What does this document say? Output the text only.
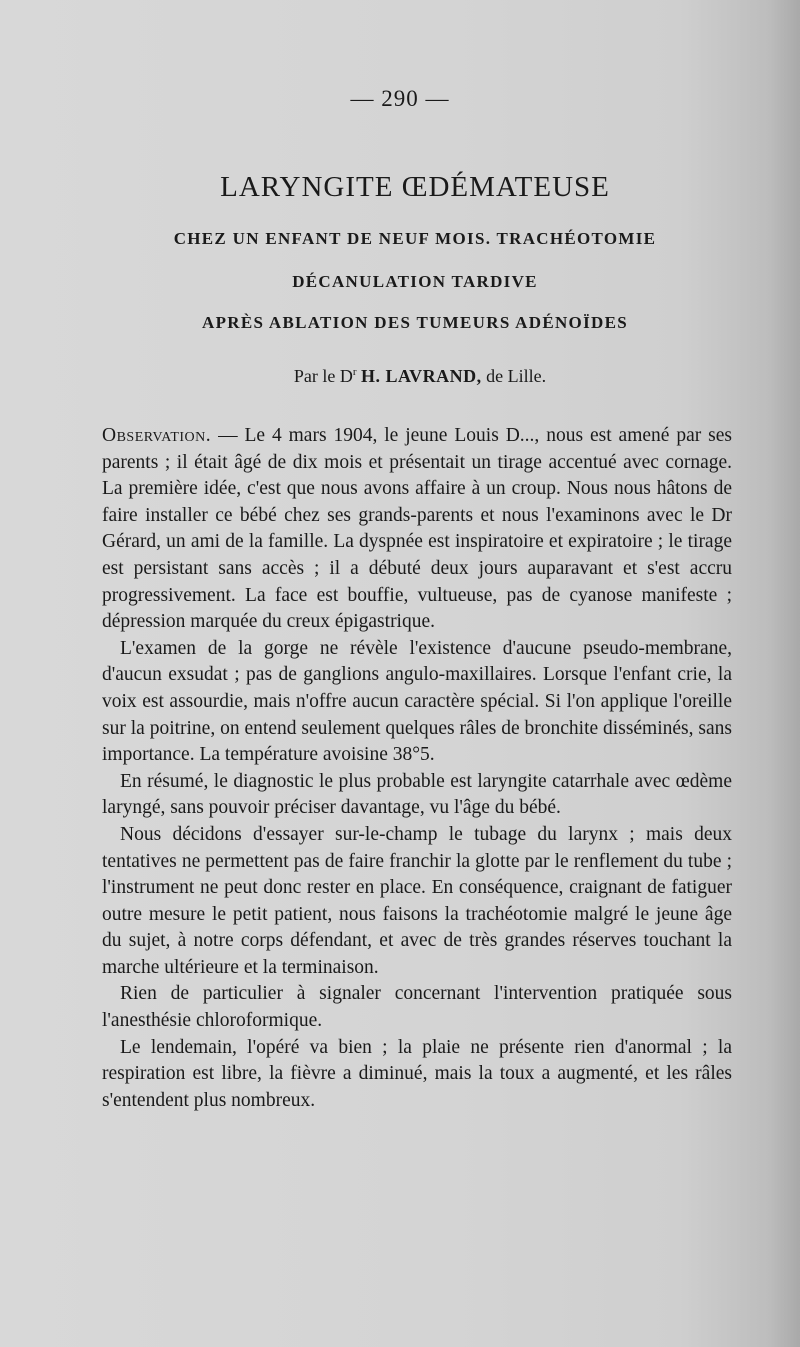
— 290 —
LARYNGITE ŒDÉMATEUSE
CHEZ UN ENFANT DE NEUF MOIS. TRACHÉOTOMIE
DÉCANULATION TARDIVE
APRÈS ABLATION DES TUMEURS ADÉNOÏDES
Par le $D^r$ H. LAVRAND, de Lille.

Observation. — Le 4 mars 1904, le jeune Louis D..., nous est amené par ses parents ; il était âgé de dix mois et présentait un tirage accentué avec cornage. La première idée, c'est que nous avons affaire à un croup. Nous nous hâtons de faire installer ce bébé chez ses grands-parents et nous l'examinons avec le Dr Gérard, un ami de la famille. La dyspnée est inspiratoire et expiratoire ; le tirage est persistant sans accès ; il a débuté deux jours auparavant et s'est accru progressivement. La face est bouffie, vultueuse, pas de cyanose manifeste ; dépression marquée du creux épigastrique.

L'examen de la gorge ne révèle l'existence d'aucune pseudo-membrane, d'aucun exsudat ; pas de ganglions angulo-maxillaires. Lorsque l'enfant crie, la voix est assourdie, mais n'offre aucun caractère spécial. Si l'on applique l'oreille sur la poitrine, on entend seulement quelques râles de bronchite disséminés, sans importance. La température avoisine 38°5.

En résumé, le diagnostic le plus probable est laryngite catarrhale avec œdème laryngé, sans pouvoir préciser davantage, vu l'âge du bébé.

Nous décidons d'essayer sur-le-champ le tubage du larynx ; mais deux tentatives ne permettent pas de faire franchir la glotte par le renflement du tube ; l'instrument ne peut donc rester en place. En conséquence, craignant de fatiguer outre mesure le petit patient, nous faisons la trachéotomie malgré le jeune âge du sujet, à notre corps défendant, et avec de très grandes réserves touchant la marche ultérieure et la terminaison.

Rien de particulier à signaler concernant l'intervention pratiquée sous l'anesthésie chloroformique.

Le lendemain, l'opéré va bien ; la plaie ne présente rien d'anormal ; la respiration est libre, la fièvre a diminué, mais la toux a augmenté, et les râles s'entendent plus nombreux.
